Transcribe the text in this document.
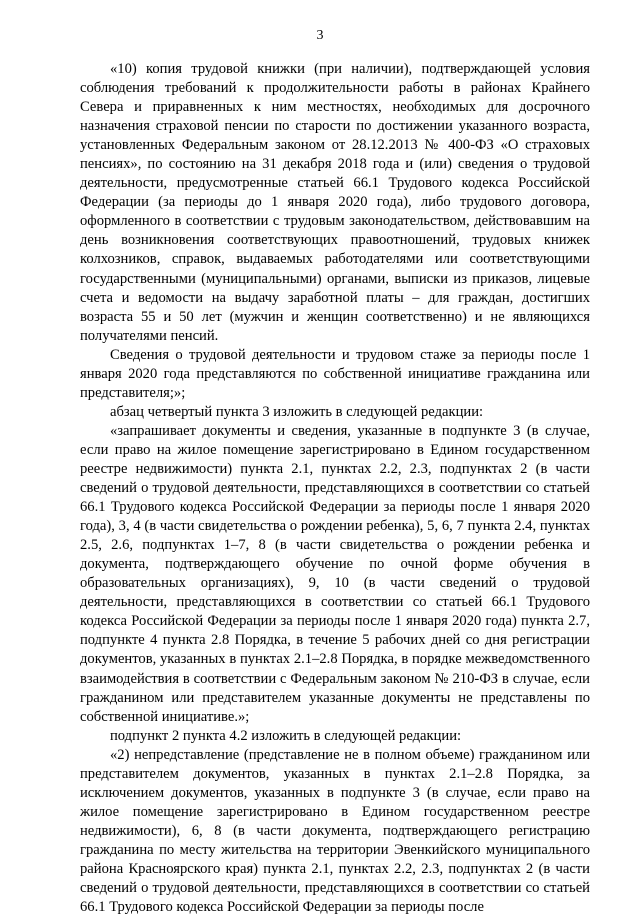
3

«10) копия трудовой книжки (при наличии), подтверждающей условия соблюдения требований к продолжительности работы в районах Крайнего Севера и приравненных к ним местностях, необходимых для досрочного назначения страховой пенсии по старости по достижении указанного возраста, установленных Федеральным законом от 28.12.2013 № 400-ФЗ «О страховых пенсиях», по состоянию на 31 декабря 2018 года и (или) сведения о трудовой деятельности, предусмотренные статьей 66.1 Трудового кодекса Российской Федерации (за периоды до 1 января 2020 года), либо трудового договора, оформленного в соответствии с трудовым законодательством, действовавшим на день возникновения соответствующих правоотношений, трудовых книжек колхозников, справок, выдаваемых работодателями или соответствующими государственными (муниципальными) органами, выписки из приказов, лицевые счета и ведомости на выдачу заработной платы – для граждан, достигших возраста 55 и 50 лет (мужчин и женщин соответственно) и не являющихся получателями пенсий.

Сведения о трудовой деятельности и трудовом стаже за периоды после 1 января 2020 года представляются по собственной инициативе гражданина или представителя;»;

абзац четвертый пункта 3 изложить в следующей редакции:

«запрашивает документы и сведения, указанные в подпункте 3 (в случае, если право на жилое помещение зарегистрировано в Едином государственном реестре недвижимости) пункта 2.1, пунктах 2.2, 2.3, подпунктах 2 (в части сведений о трудовой деятельности, представляющихся в соответствии со статьей 66.1 Трудового кодекса Российской Федерации за периоды после 1 января 2020 года), 3, 4 (в части свидетельства о рождении ребенка), 5, 6, 7 пункта 2.4, пунктах 2.5, 2.6, подпунктах 1–7, 8 (в части свидетельства о рождении ребенка и документа, подтверждающего обучение по очной форме обучения в образовательных организациях), 9, 10 (в части сведений о трудовой деятельности, представляющихся в соответствии со статьей 66.1 Трудового кодекса Российской Федерации за периоды после 1 января 2020 года) пункта 2.7, подпункте 4 пункта 2.8 Порядка, в течение 5 рабочих дней со дня регистрации документов, указанных в пунктах 2.1–2.8 Порядка, в порядке межведомственного взаимодействия в соответствии с Федеральным законом № 210-ФЗ в случае, если гражданином или представителем указанные документы не представлены по собственной инициативе.»;

подпункт 2 пункта 4.2 изложить в следующей редакции:

«2) непредставление (представление не в полном объеме) гражданином или представителем документов, указанных в пунктах 2.1–2.8 Порядка, за исключением документов, указанных в подпункте 3 (в случае, если право на жилое помещение зарегистрировано в Едином государственном реестре недвижимости), 6, 8 (в части документа, подтверждающего регистрацию гражданина по месту жительства на территории Эвенкийского муниципального района Красноярского края) пункта 2.1, пунктах 2.2, 2.3, подпунктах 2 (в части сведений о трудовой деятельности, представляющихся в соответствии со статьей 66.1 Трудового кодекса Российской Федерации за периоды после
